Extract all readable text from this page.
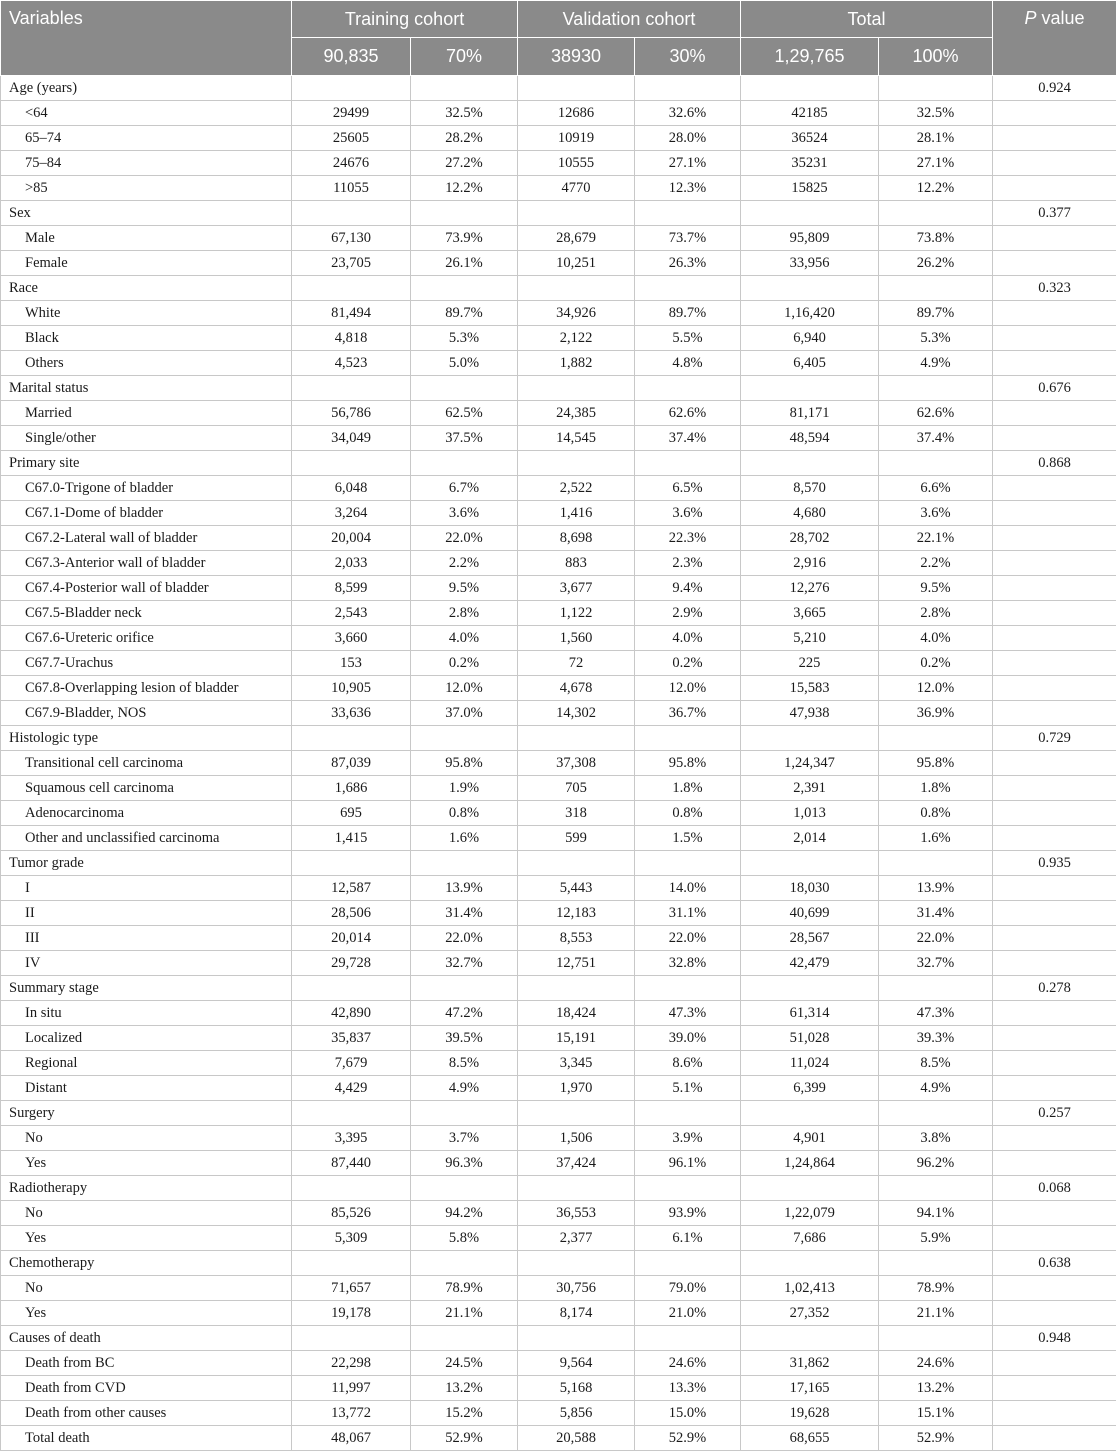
Variables	Training cohort		Validation cohort		Total		P value
	90,835	70%	38930	30%	1,29,765	100%	
Age (years)							0.924
<64	29499	32.5%	12686	32.6%	42185	32.5%	
65–74	25605	28.2%	10919	28.0%	36524	28.1%	
75–84	24676	27.2%	10555	27.1%	35231	27.1%	
>85	11055	12.2%	4770	12.3%	15825	12.2%	
Sex							0.377
Male	67,130	73.9%	28,679	73.7%	95,809	73.8%	
Female	23,705	26.1%	10,251	26.3%	33,956	26.2%	
Race							0.323
White	81,494	89.7%	34,926	89.7%	1,16,420	89.7%	
Black	4,818	5.3%	2,122	5.5%	6,940	5.3%	
Others	4,523	5.0%	1,882	4.8%	6,405	4.9%	
Marital status							0.676
Married	56,786	62.5%	24,385	62.6%	81,171	62.6%	
Single/other	34,049	37.5%	14,545	37.4%	48,594	37.4%	
Primary site							0.868
C67.0-Trigone of bladder	6,048	6.7%	2,522	6.5%	8,570	6.6%	
C67.1-Dome of bladder	3,264	3.6%	1,416	3.6%	4,680	3.6%	
C67.2-Lateral wall of bladder	20,004	22.0%	8,698	22.3%	28,702	22.1%	
C67.3-Anterior wall of bladder	2,033	2.2%	883	2.3%	2,916	2.2%	
C67.4-Posterior wall of bladder	8,599	9.5%	3,677	9.4%	12,276	9.5%	
C67.5-Bladder neck	2,543	2.8%	1,122	2.9%	3,665	2.8%	
C67.6-Ureteric orifice	3,660	4.0%	1,560	4.0%	5,210	4.0%	
C67.7-Urachus	153	0.2%	72	0.2%	225	0.2%	
C67.8-Overlapping lesion of bladder	10,905	12.0%	4,678	12.0%	15,583	12.0%	
C67.9-Bladder, NOS	33,636	37.0%	14,302	36.7%	47,938	36.9%	
Histologic type							0.729
Transitional cell carcinoma	87,039	95.8%	37,308	95.8%	1,24,347	95.8%	
Squamous cell carcinoma	1,686	1.9%	705	1.8%	2,391	1.8%	
Adenocarcinoma	695	0.8%	318	0.8%	1,013	0.8%	
Other and unclassified carcinoma	1,415	1.6%	599	1.5%	2,014	1.6%	
Tumor grade							0.935
I	12,587	13.9%	5,443	14.0%	18,030	13.9%	
II	28,506	31.4%	12,183	31.1%	40,699	31.4%	
III	20,014	22.0%	8,553	22.0%	28,567	22.0%	
IV	29,728	32.7%	12,751	32.8%	42,479	32.7%	
Summary stage							0.278
In situ	42,890	47.2%	18,424	47.3%	61,314	47.3%	
Localized	35,837	39.5%	15,191	39.0%	51,028	39.3%	
Regional	7,679	8.5%	3,345	8.6%	11,024	8.5%	
Distant	4,429	4.9%	1,970	5.1%	6,399	4.9%	
Surgery							0.257
No	3,395	3.7%	1,506	3.9%	4,901	3.8%	
Yes	87,440	96.3%	37,424	96.1%	1,24,864	96.2%	
Radiotherapy							0.068
No	85,526	94.2%	36,553	93.9%	1,22,079	94.1%	
Yes	5,309	5.8%	2,377	6.1%	7,686	5.9%	
Chemotherapy							0.638
No	71,657	78.9%	30,756	79.0%	1,02,413	78.9%	
Yes	19,178	21.1%	8,174	21.0%	27,352	21.1%	
Causes of death							0.948
Death from BC	22,298	24.5%	9,564	24.6%	31,862	24.6%	
Death from CVD	11,997	13.2%	5,168	13.3%	17,165	13.2%	
Death from other causes	13,772	15.2%	5,856	15.0%	19,628	15.1%	
Total death	48,067	52.9%	20,588	52.9%	68,655	52.9%	
